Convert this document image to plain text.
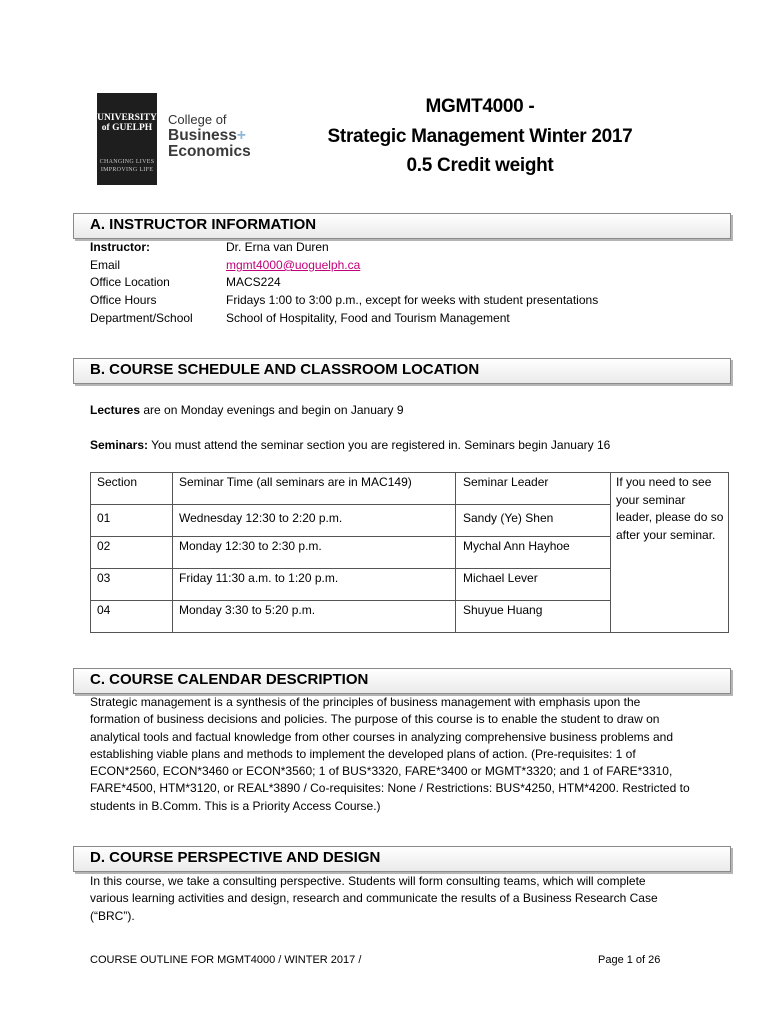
UNIVERSITY
of GUELPH
CHANGING LIVES
IMPROVING LIFE
College of
Business+
Economics
MGMT4000 -
Strategic Management Winter 2017
0.5 Credit weight
A. INSTRUCTOR INFORMATION
Instructor:	Dr. Erna van Duren
Email	mgmt4000@uoguelph.ca
Office Location	MACS224
Office Hours	Fridays 1:00 to 3:00 p.m., except for weeks with student presentations
Department/School	School of Hospitality, Food and Tourism Management
B. COURSE SCHEDULE AND CLASSROOM LOCATION
Lectures are on Monday evenings and begin on January 9
Seminars: You must attend the seminar section you are registered in. Seminars begin January 16
Section	Seminar Time (all seminars are in MAC149)	Seminar Leader
01	Wednesday 12:30 to 2:20 p.m.	Sandy (Ye) Shen
02	Monday 12:30 to 2:30 p.m.	Mychal Ann Hayhoe
03	Friday 11:30 a.m. to 1:20 p.m.	Michael Lever
04	Monday 3:30 to 5:20 p.m.	Shuyue Huang
If you need to see your seminar leader, please do so after your seminar.
C. COURSE CALENDAR DESCRIPTION
Strategic management is a synthesis of the principles of business management with emphasis upon the
formation of business decisions and policies. The purpose of this course is to enable the student to draw on
analytical tools and factual knowledge from other courses in analyzing comprehensive business problems and
establishing viable plans and methods to implement the developed plans of action. (Pre-requisites: 1 of
ECON*2560, ECON*3460 or ECON*3560; 1 of BUS*3320, FARE*3400 or MGMT*3320; and 1 of FARE*3310,
FARE*4500, HTM*3120, or REAL*3890 / Co-requisites: None / Restrictions: BUS*4250, HTM*4200. Restricted to
students in B.Comm. This is a Priority Access Course.)
D. COURSE PERSPECTIVE AND DESIGN
In this course, we take a consulting perspective. Students will form consulting teams, which will complete
various learning activities and design, research and communicate the results of a Business Research Case
(“BRC”).
COURSE OUTLINE FOR MGMT4000 / WINTER 2017 /	Page 1 of 26
